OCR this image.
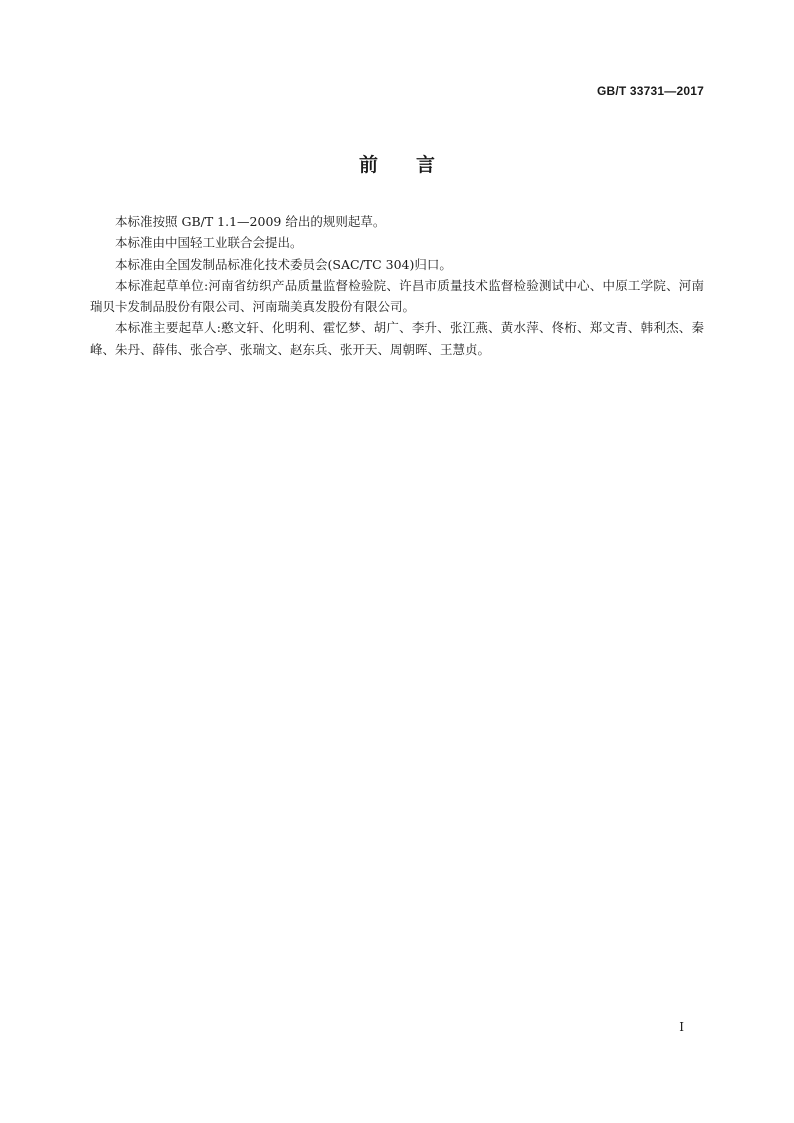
GB/T 33731—2017
前言

本标准按照 GB/T 1.1—2009 给出的规则起草。

本标准由中国轻工业联合会提出。

本标准由全国发制品标准化技术委员会(SAC/TC 304)归口。

本标准起草单位:河南省纺织产品质量监督检验院、许昌市质量技术监督检验测试中心、中原工学院、河南瑞贝卡发制品股份有限公司、河南瑞美真发股份有限公司。

本标准主要起草人:憨文轩、化明利、霍忆梦、胡广、李升、张江燕、黄水萍、佟桁、郑文青、韩利杰、秦峰、朱丹、薛伟、张合亭、张瑞文、赵东兵、张开天、周朝晖、王慧贞。

I
